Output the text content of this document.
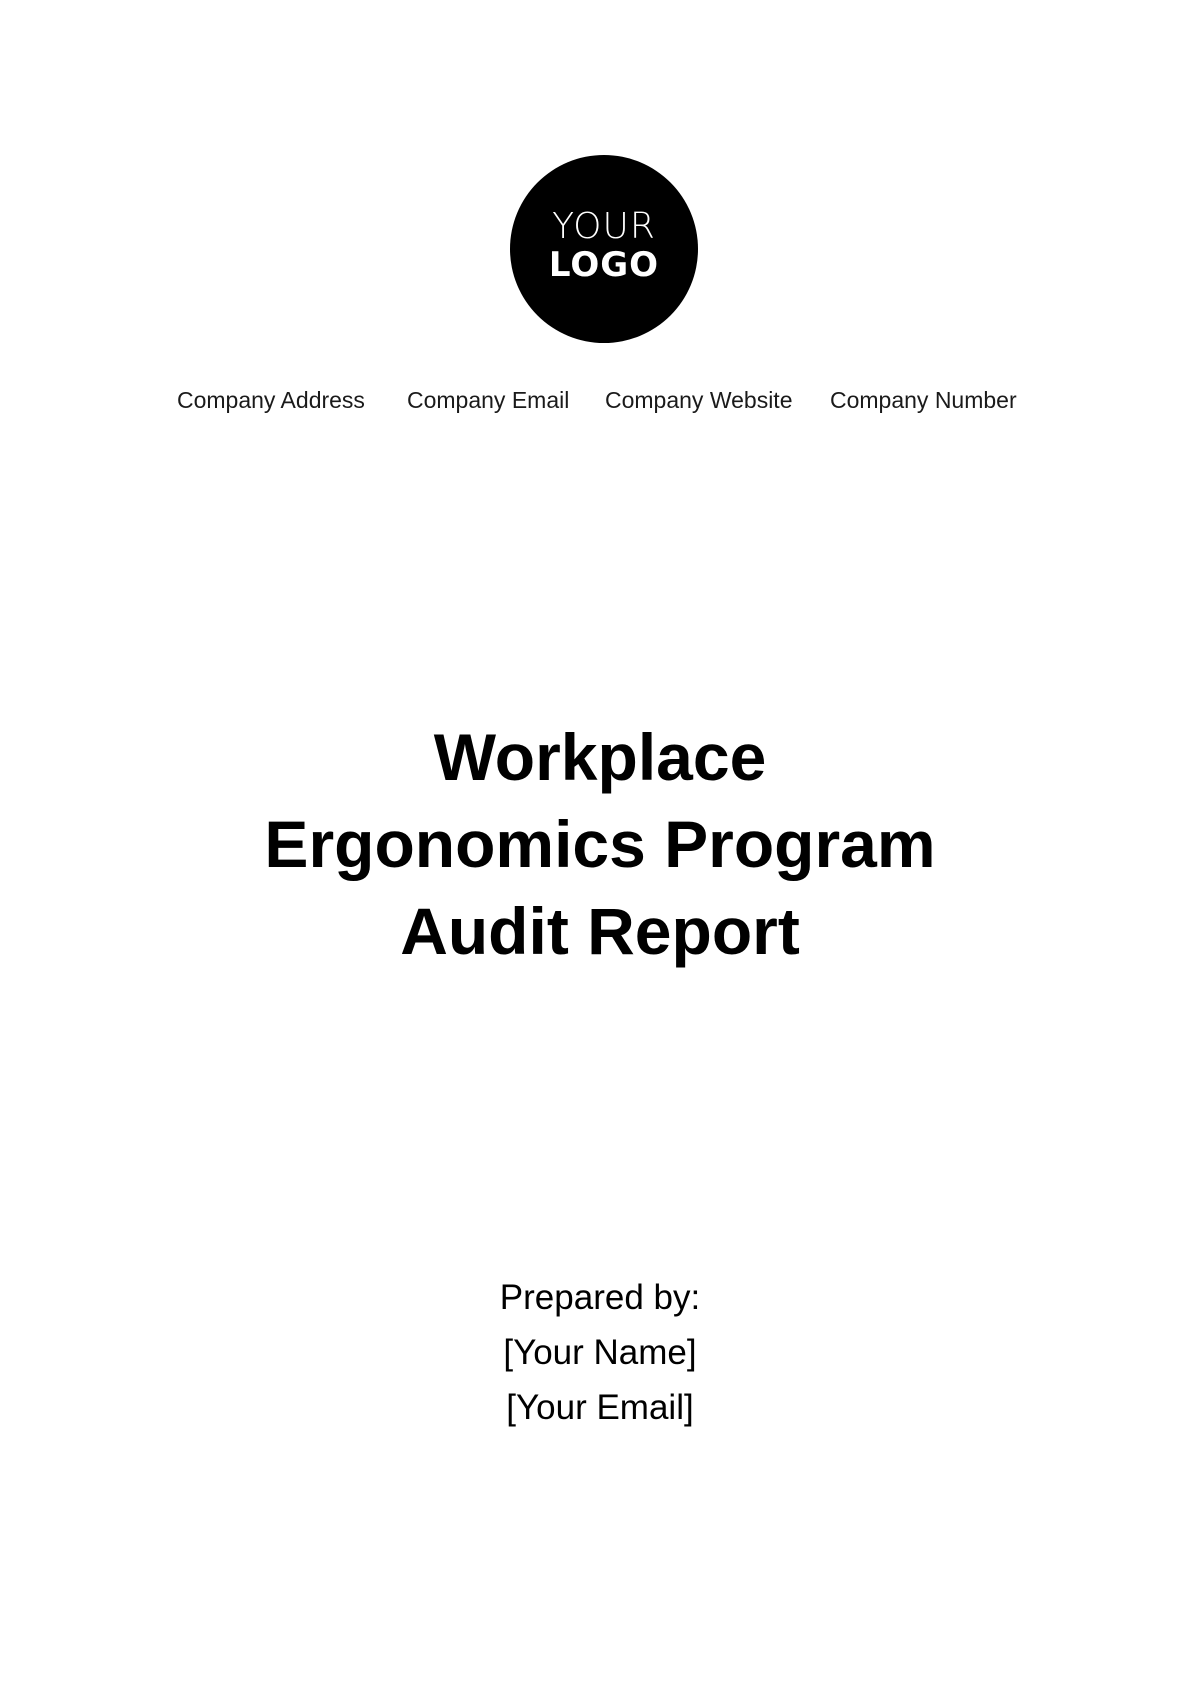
YOUR
LOGO
Company Address Company Email Company Website Company Number
Workplace
Ergonomics Program
Audit Report
Prepared by:
[Your Name]
[Your Email]
